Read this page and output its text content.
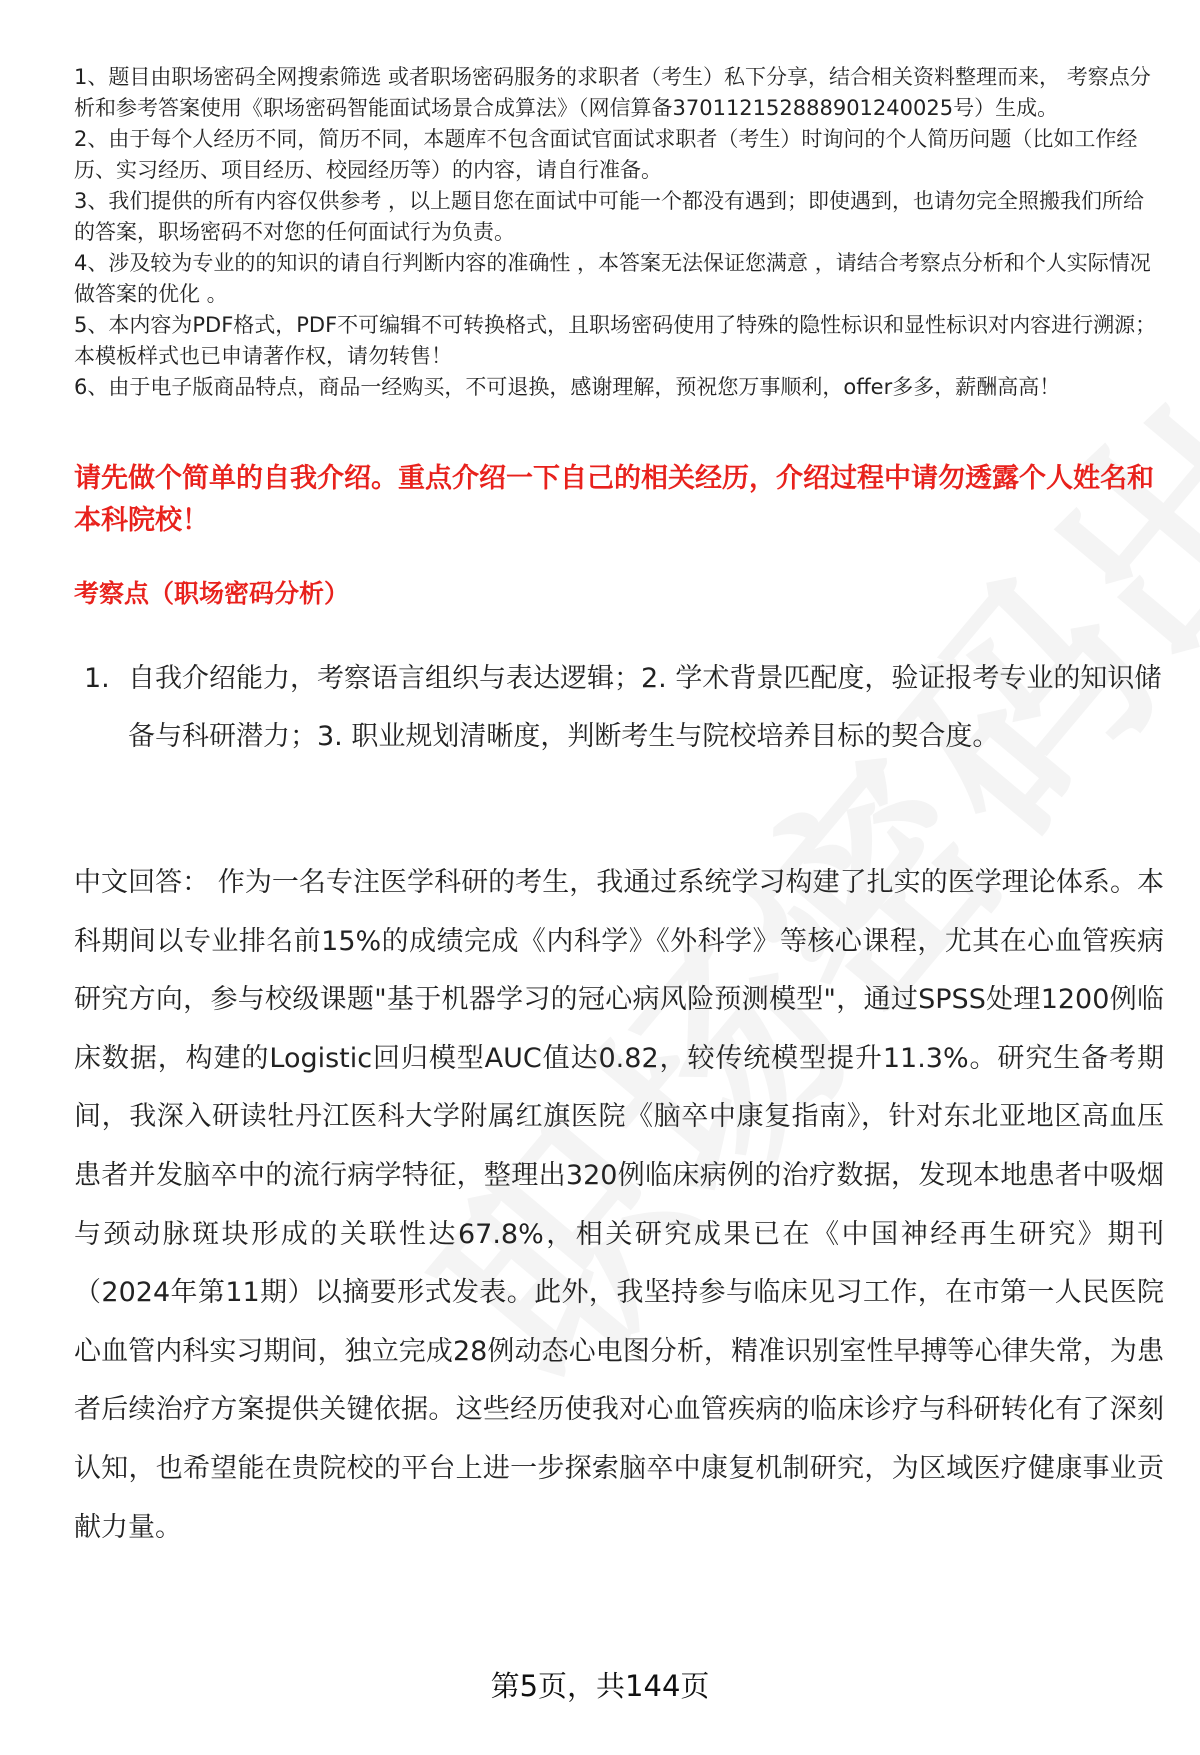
1、题目由职场密码全网搜索筛选 或者职场密码服务的求职者（考生）私下分享，结合相关资料整理而来， 考察点分析和参考答案使用《职场密码智能面试场景合成算法》（网信算备370112152888901240025号）生成。

2、由于每个人经历不同，简历不同，本题库不包含面试官面试求职者（考生）时询问的个人简历问题（比如工作经历、实习经历、项目经历、校园经历等）的内容，请自行准备。

3、我们提供的所有内容仅供参考 ，以上题目您在面试中可能一个都没有遇到；即使遇到，也请勿完全照搬我们所给的答案，职场密码不对您的任何面试行为负责。

4、涉及较为专业的的知识的请自行判断内容的准确性 ，本答案无法保证您满意 ，请结合考察点分析和个人实际情况做答案的优化 。

5、本内容为PDF格式，PDF不可编辑不可转换格式，且职场密码使用了特殊的隐性标识和显性标识对内容进行溯源；本模板样式也已申请著作权，请勿转售！

6、由于电子版商品特点，商品一经购买，不可退换，感谢理解，预祝您万事顺利，offer多多，薪酬高高！

请先做个简单的自我介绍。重点介绍一下自己的相关经历，介绍过程中请勿透露个人姓名和本科院校！
考察点（职场密码分析）
1. 自我介绍能力，考察语言组织与表达逻辑；2. 学术背景匹配度，验证报考专业的知识储备与科研潜力；3. 职业规划清晰度，判断考生与院校培养目标的契合度。

中文回答： 作为一名专注医学科研的考生，我通过系统学习构建了扎实的医学理论体系。本科期间以专业排名前15%的成绩完成《内科学》《外科学》等核心课程，尤其在心血管疾病研究方向，参与校级课题"基于机器学习的冠心病风险预测模型"，通过SPSS处理1200例临床数据，构建的Logistic回归模型AUC值达0.82，较传统模型提升11.3%。研究生备考期间，我深入研读牡丹江医科大学附属红旗医院《脑卒中康复指南》，针对东北亚地区高血压患者并发脑卒中的流行病学特征，整理出320例临床病例的治疗数据，发现本地患者中吸烟与颈动脉斑块形成的关联性达67.8%，相关研究成果已在《中国神经再生研究》期刊（2024年第11期）以摘要形式发表。此外，我坚持参与临床见习工作，在市第一人民医院心血管内科实习期间，独立完成28例动态心电图分析，精准识别室性早搏等心律失常，为患者后续治疗方案提供关键依据。这些经历使我对心血管疾病的临床诊疗与科研转化有了深刻认知，也希望能在贵院校的平台上进一步探索脑卒中康复机制研究，为区域医疗健康事业贡献力量。

第5页，共144页
